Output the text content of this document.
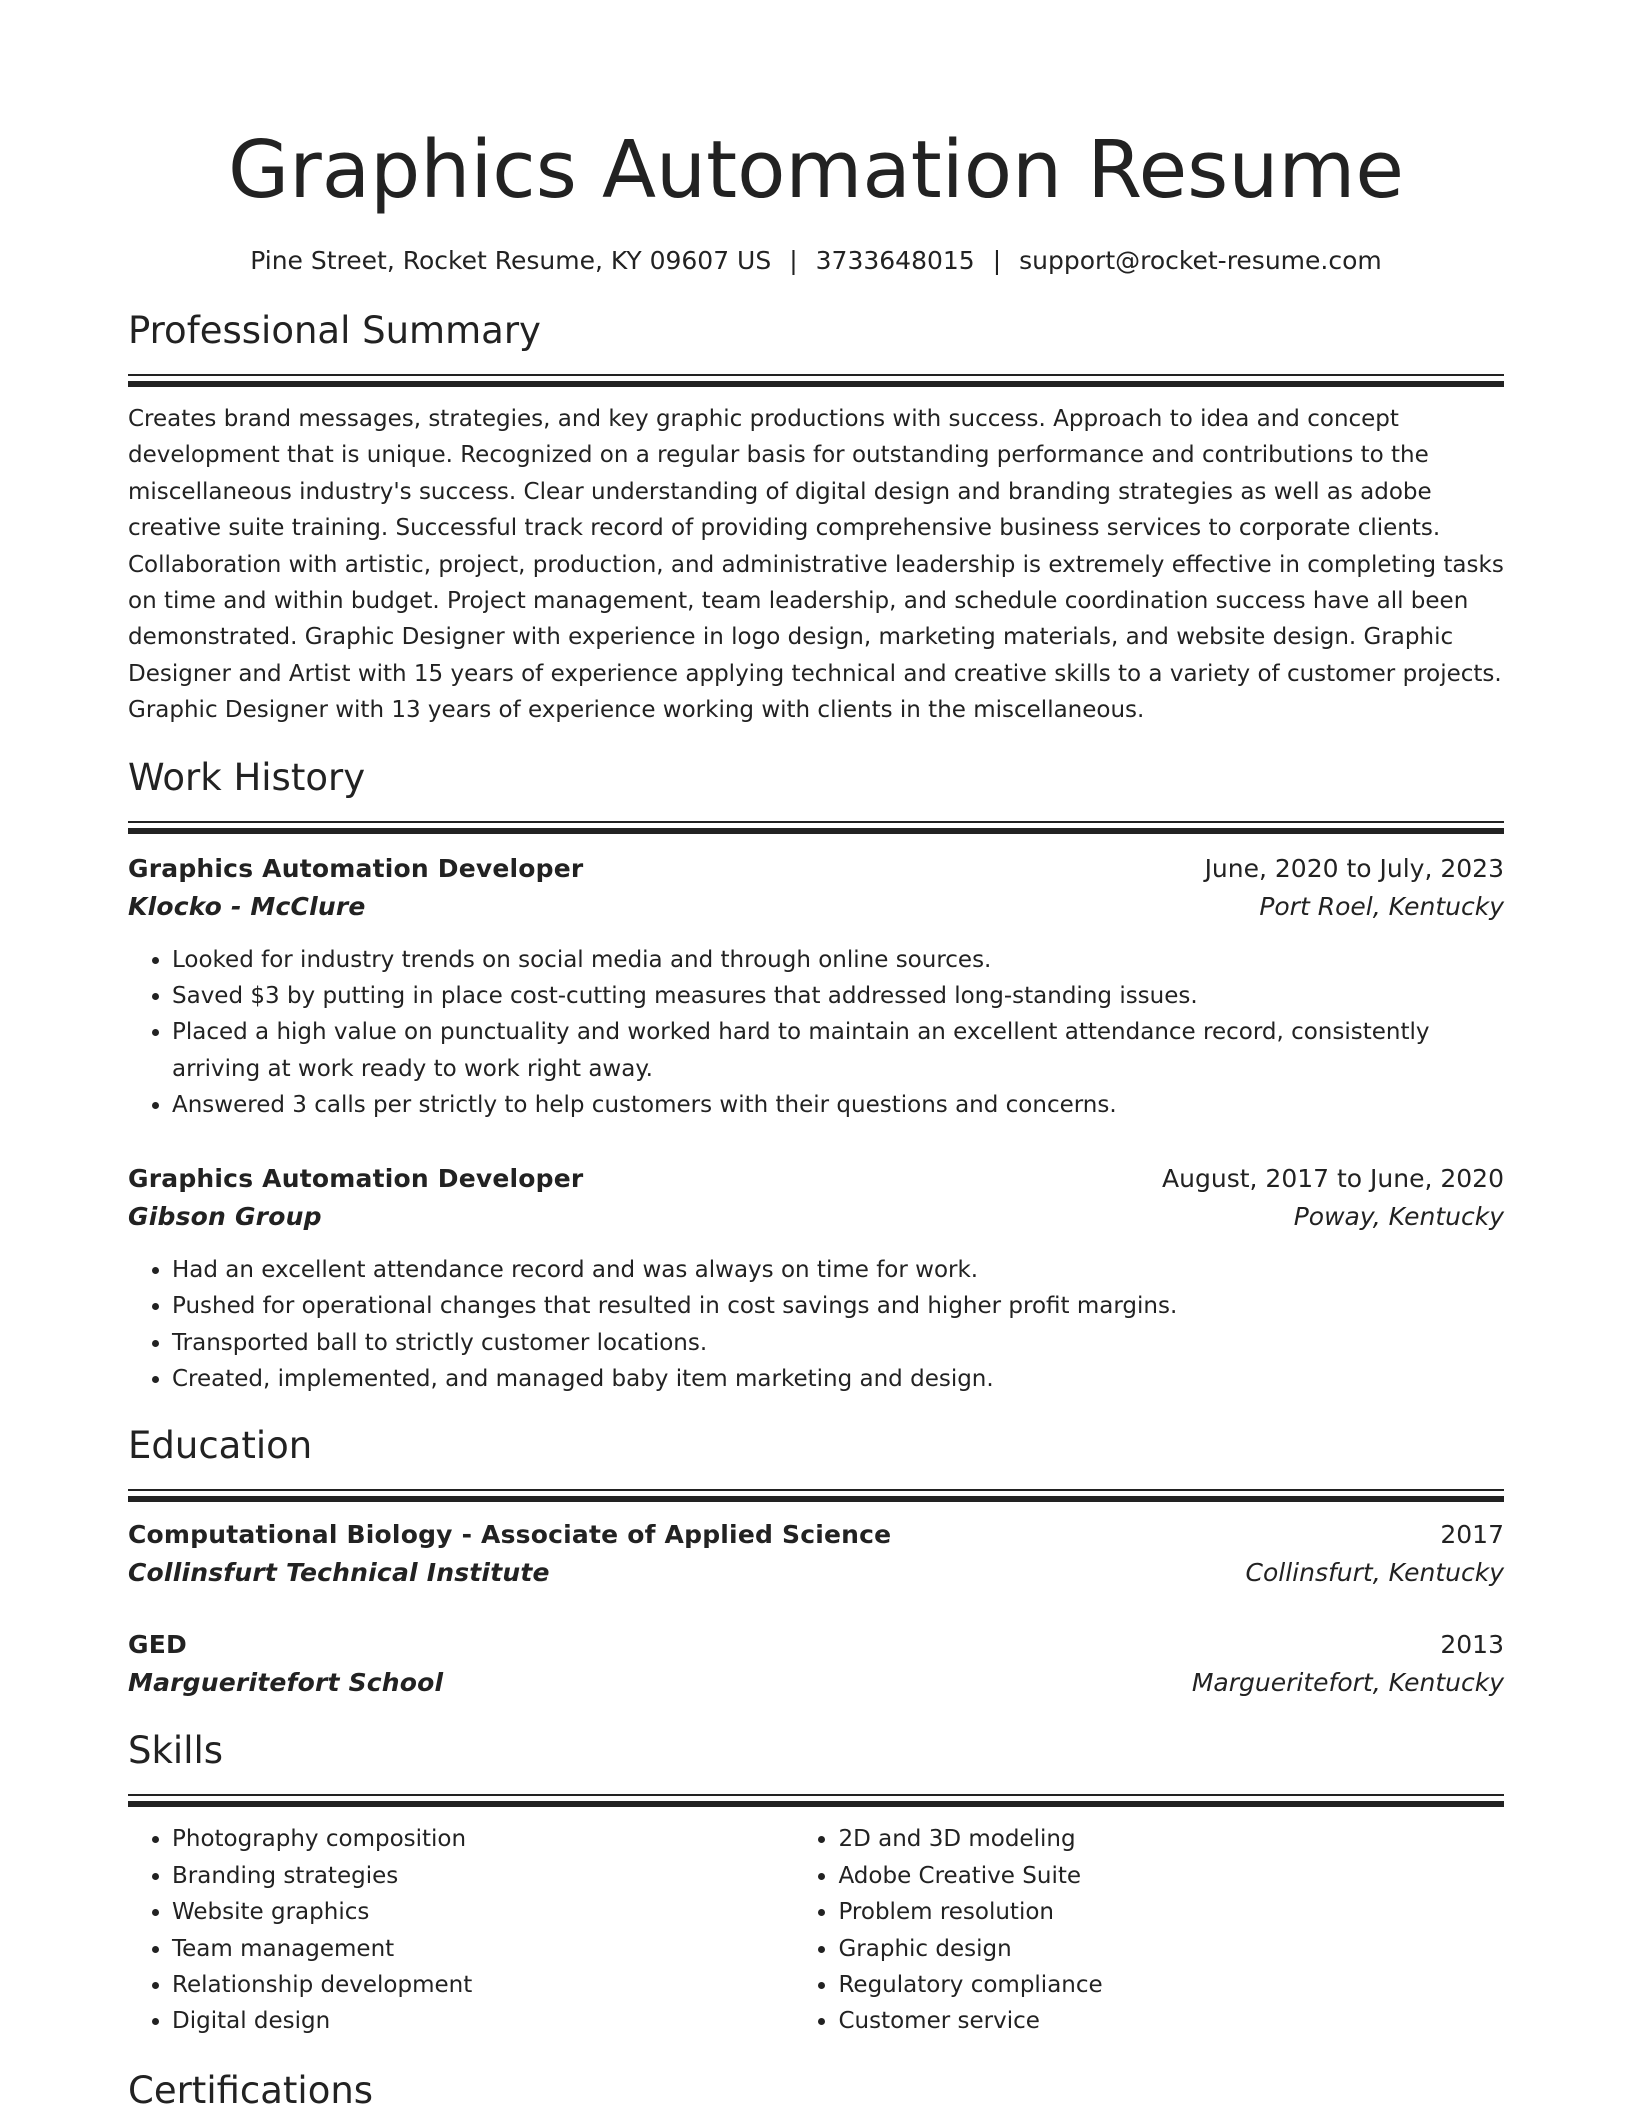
Graphics Automation Resume
Pine Street, Rocket Resume, KY 09607 US | 3733648015 | support@rocket-resume.com
Professional Summary
Creates brand messages, strategies, and key graphic productions with success. Approach to idea and concept development that is unique. Recognized on a regular basis for outstanding performance and contributions to the miscellaneous industry's success. Clear understanding of digital design and branding strategies as well as adobe creative suite training. Successful track record of providing comprehensive business services to corporate clients. Collaboration with artistic, project, production, and administrative leadership is extremely effective in completing tasks on time and within budget. Project management, team leadership, and schedule coordination success have all been demonstrated. Graphic Designer with experience in logo design, marketing materials, and website design. Graphic Designer and Artist with 15 years of experience applying technical and creative skills to a variety of customer projects. Graphic Designer with 13 years of experience working with clients in the miscellaneous.
Work History
Graphics Automation Developer	June, 2020 to July, 2023
Klocko - McClure	Port Roel, Kentucky
• Looked for industry trends on social media and through online sources.
• Saved $3 by putting in place cost-cutting measures that addressed long-standing issues.
• Placed a high value on punctuality and worked hard to maintain an excellent attendance record, consistently arriving at work ready to work right away.
• Answered 3 calls per strictly to help customers with their questions and concerns.
Graphics Automation Developer	August, 2017 to June, 2020
Gibson Group	Poway, Kentucky
• Had an excellent attendance record and was always on time for work.
• Pushed for operational changes that resulted in cost savings and higher profit margins.
• Transported ball to strictly customer locations.
• Created, implemented, and managed baby item marketing and design.
Education
Computational Biology - Associate of Applied Science	2017
Collinsfurt Technical Institute	Collinsfurt, Kentucky
GED	2013
Margueritefort School	Margueritefort, Kentucky
Skills
• Photography composition
• Branding strategies
• Website graphics
• Team management
• Relationship development
• Digital design
• 2D and 3D modeling
• Adobe Creative Suite
• Problem resolution
• Graphic design
• Regulatory compliance
• Customer service
Certifications
